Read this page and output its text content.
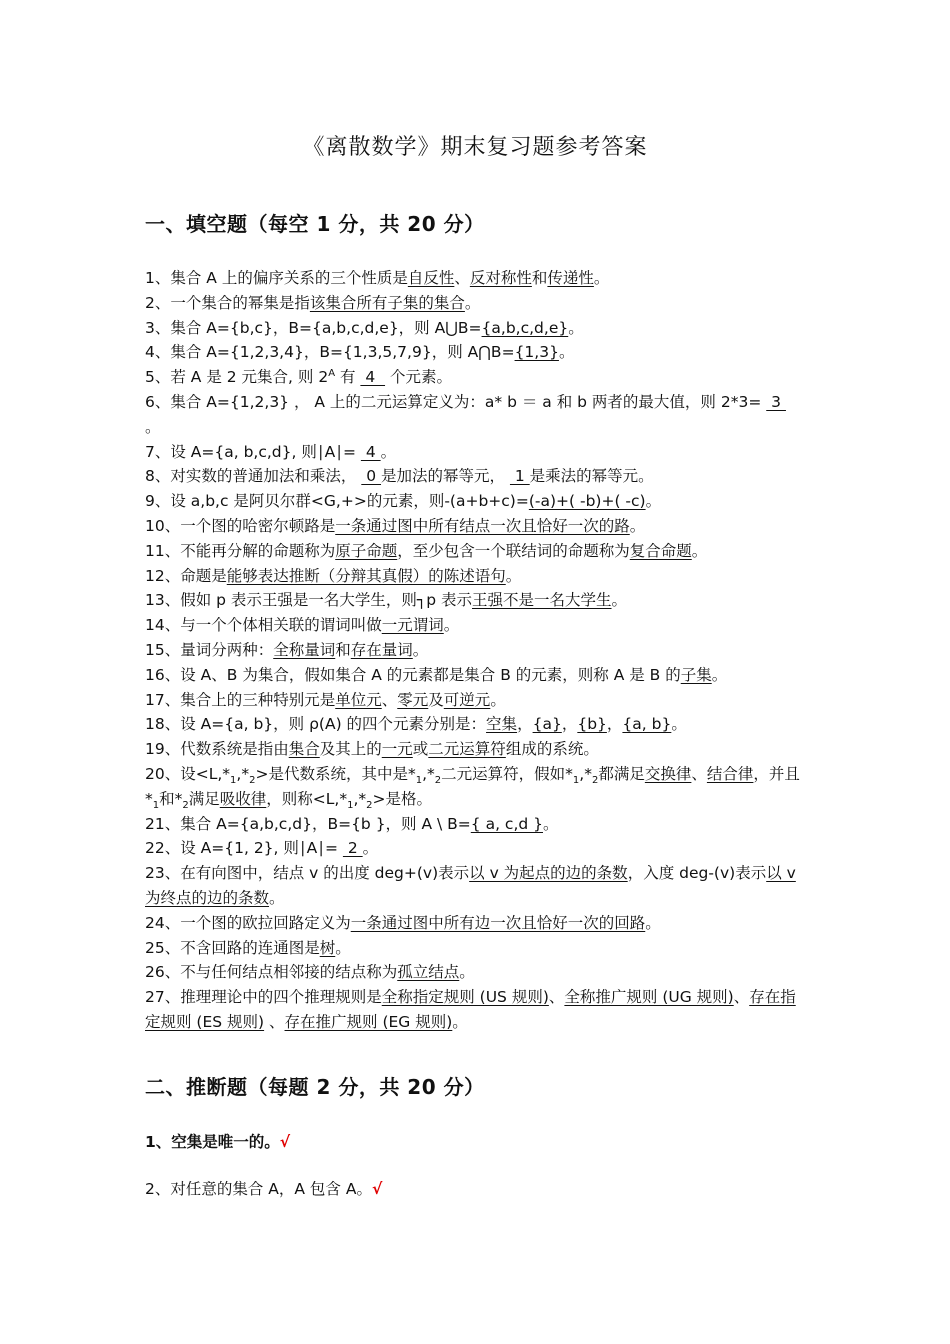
《离散数学》期末复习题参考答案
一、填空题（每空 1 分，共 20 分）
1、集合 A 上的偏序关系的三个性质是自反性、反对称性和传递性。
2、一个集合的幂集是指该集合所有子集的集合。
3、集合 A={b,c}，B={a,b,c,d,e}，则 A⋃B={a,b,c,d,e}。
4、集合 A={1,2,3,4}，B={1,3,5,7,9}，则 A⋂B={1,3}。
5、若 A 是 2 元集合, 则 $2^A$ 有  4   个元素。
6、集合 A={1,2,3} ， A 上的二元运算定义为：a* b ＝ a 和 b 两者的最大值，则 2*3=  3
。
7、设 A={a, b,c,d}, 则∣A∣=  4 。
8、对实数的普通加法和乘法，  0 是加法的幂等元，  1 是乘法的幂等元。
9、设 a,b,c 是阿贝尔群<G,+>的元素，则-(a+b+c)=(-a)+( -b)+( -c)。
10、一个图的哈密尔顿路是一条通过图中所有结点一次且恰好一次的路。
11、不能再分解的命题称为原子命题，至少包含一个联结词的命题称为复合命题。
12、命题是能够表达推断（分辩其真假）的陈述语句。
13、假如 p 表示王强是一名大学生，则┐p 表示王强不是一名大学生。
14、与一个个体相关联的谓词叫做一元谓词。
15、量词分两种：全称量词和存在量词。
16、设 A、B 为集合，假如集合 A 的元素都是集合 B 的元素，则称 A 是 B 的子集。
17、集合上的三种特别元是单位元、零元及可逆元。
18、设 A={a, b}，则 ρ(A) 的四个元素分别是：空集，{a}，{b}，{a, b}。
19、代数系统是指由集合及其上的一元或二元运算符组成的系统。
20、设$<L,*_1,*_2>$是代数系统，其中是$*_1,*_2$二元运算符，假如$*_1,*_2$都满足交换律、结合律，并且$*_1$和$*_2$满足吸收律，则称$<L,*_1,*_2>$是格。
21、集合 A={a,b,c,d}，B={b }，则 A \ B={ a, c,d }。
22、设 A={1, 2}, 则∣A∣=  2 。
23、在有向图中，结点 v 的出度 deg+(v)表示以 v 为起点的边的条数，入度 deg-(v)表示以 v 为终点的边的条数。
24、一个图的欧拉回路定义为一条通过图中所有边一次且恰好一次的回路。
25、不含回路的连通图是树。
26、不与任何结点相邻接的结点称为孤立结点。
27、推理理论中的四个推理规则是全称指定规则 (US 规则)、全称推广规则 (UG 规则)、存在指定规则 (ES 规则) 、存在推广规则 (EG 规则)。
二、推断题（每题 2 分，共 20 分）
1、空集是唯一的。√
2、对任意的集合 A，A 包含 A。√
